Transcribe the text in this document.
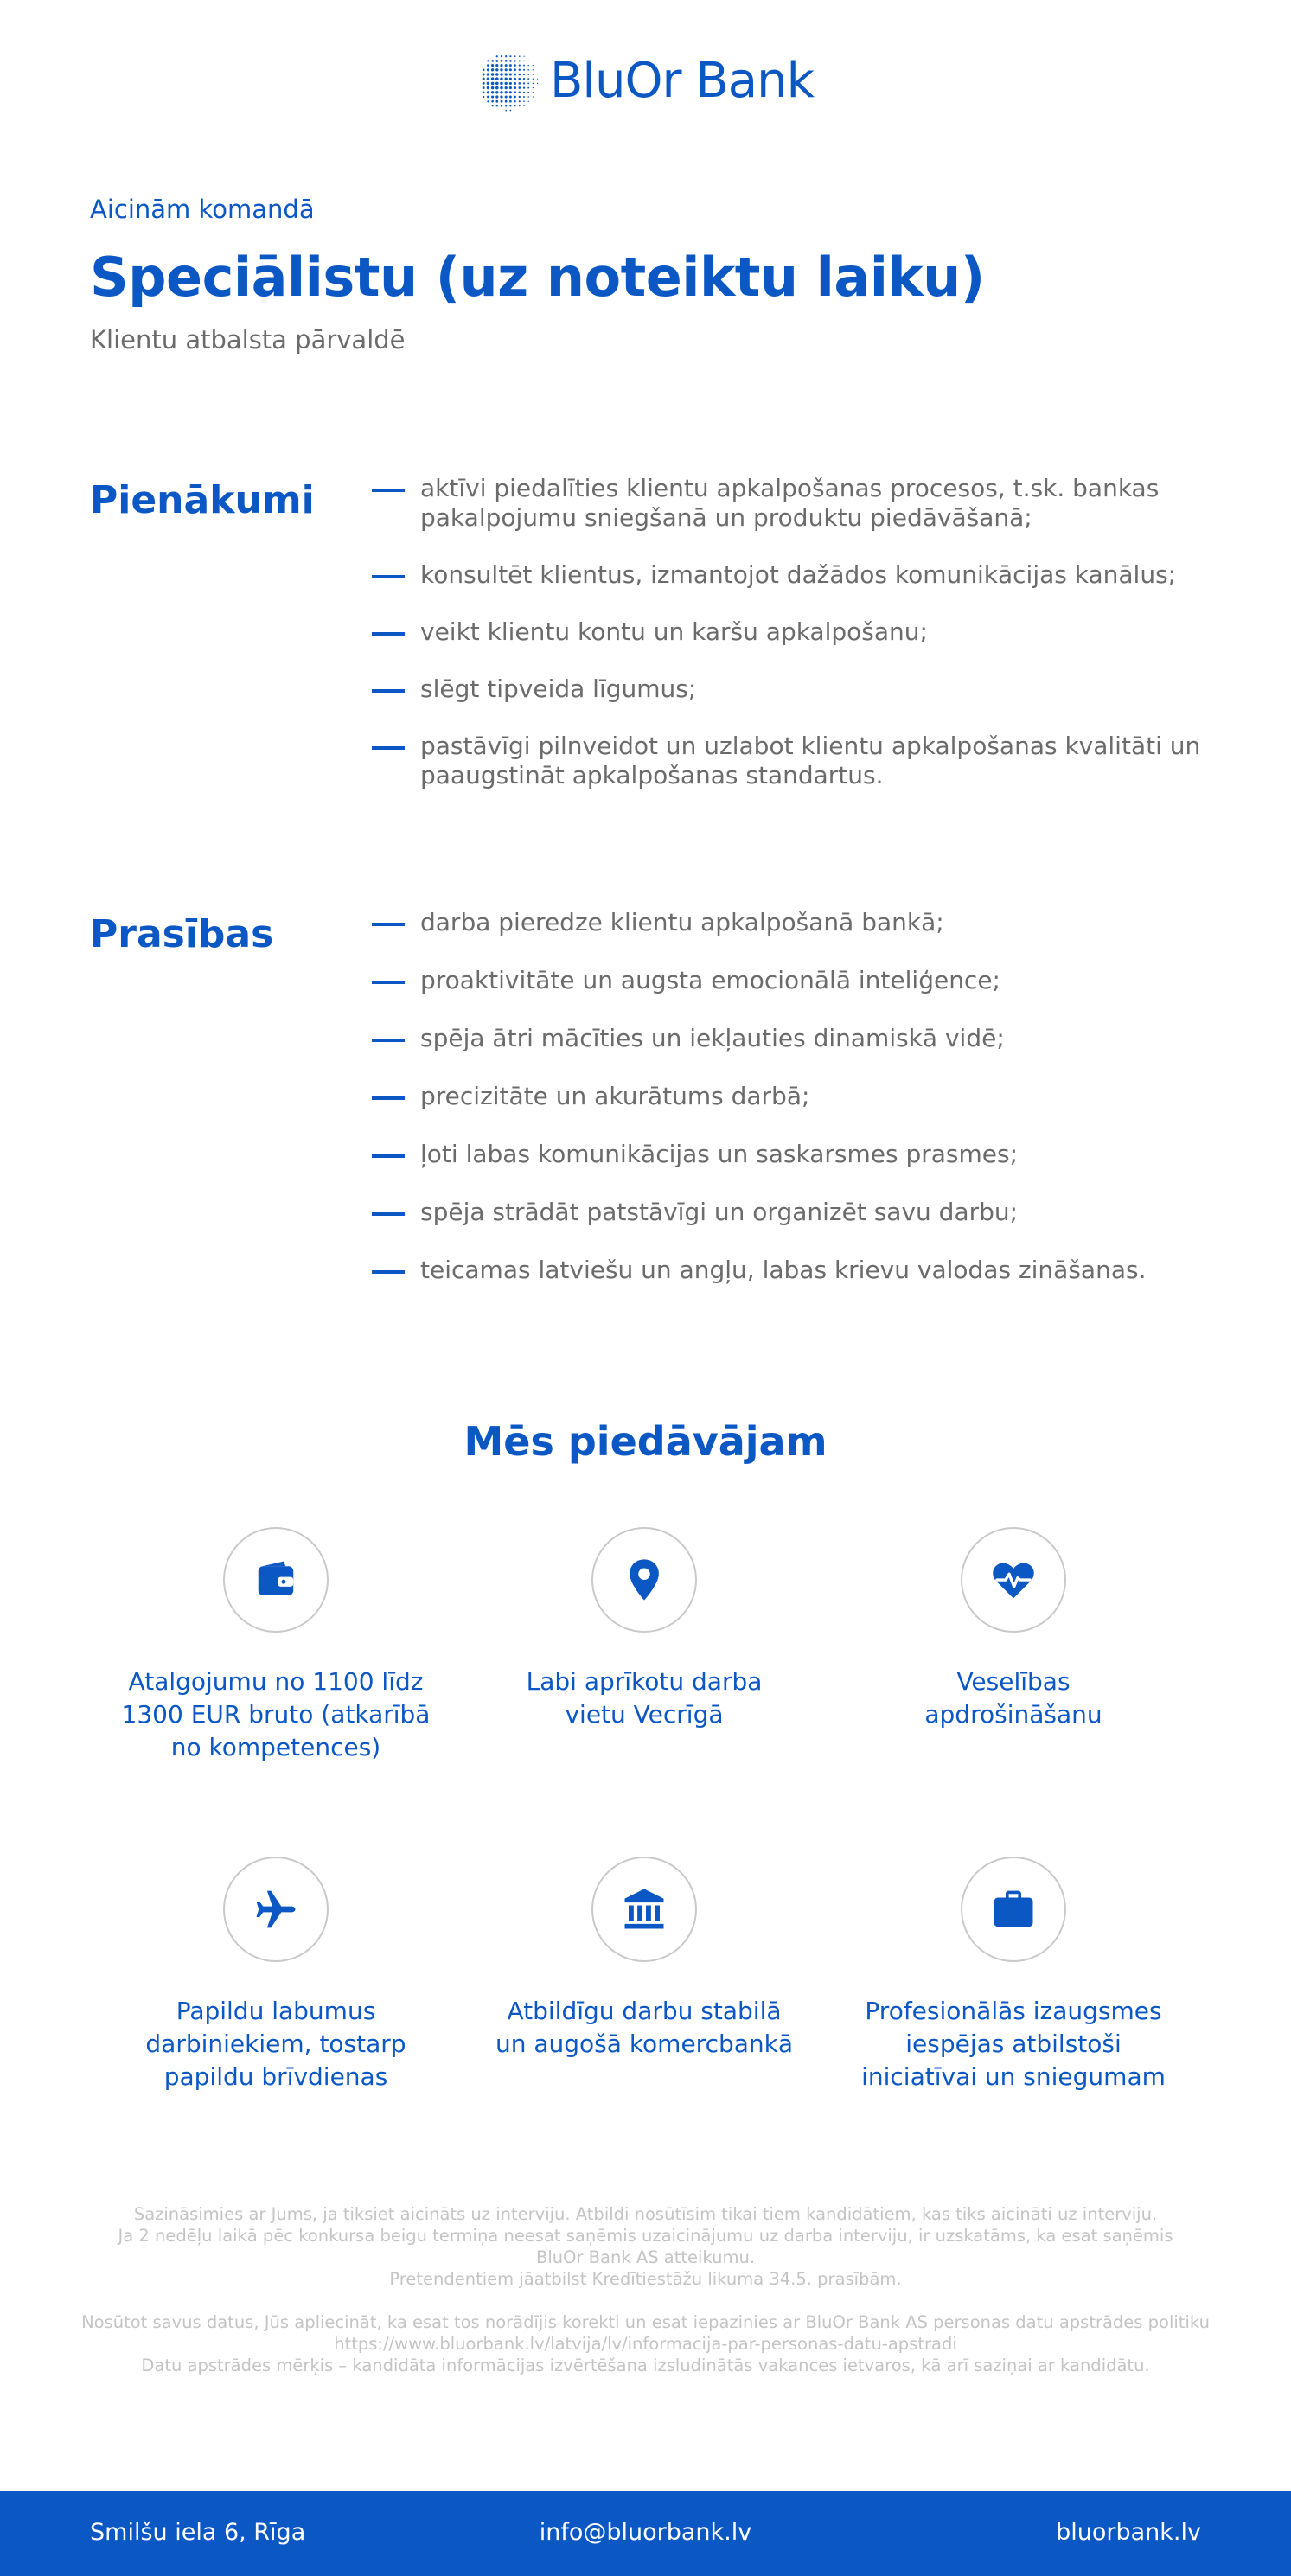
BluOr Bank
Aicinām komandā
Speciālistu (uz noteiktu laiku)
Klientu atbalsta pārvaldē
Pienākumi	aktīvi piedalīties klientu apkalpošanas procesos, t.sk. bankas pakalpojumu sniegšanā un produktu piedāvāšanā;
konsultēt klientus, izmantojot dažādos komunikācijas kanālus;
veikt klientu kontu un karšu apkalpošanu;
slēgt tipveida līgumus;
pastāvīgi pilnveidot un uzlabot klientu apkalpošanas kvalitāti un paaugstināt apkalpošanas standartus.
Prasības	darba pieredze klientu apkalpošanā bankā;
proaktivitāte un augsta emocionālā inteliģence;
spēja ātri mācīties un iekļauties dinamiskā vidē;
precizitāte un akurātums darbā;
ļoti labas komunikācijas un saskarsmes prasmes;
spēja strādāt patstāvīgi un organizēt savu darbu;
teicamas latviešu un angļu, labas krievu valodas zināšanas.
Mēs piedāvājam
Atalgojumu no 1100 līdz
1300 EUR bruto (atkarībā
no kompetences)
Labi aprīkotu darba
vietu Vecrīgā
Veselības
apdrošināšanu
Papildu labumus
darbiniekiem, tostarp
papildu brīvdienas
Atbildīgu darbu stabilā
un augošā komercbankā
Profesionālās izaugsmes
iespējas atbilstoši
iniciatīvai un sniegumam
Sazināsimies ar Jums, ja tiksiet aicināts uz interviju. Atbildi nosūtīsim tikai tiem kandidātiem, kas tiks aicināti uz interviju.
Ja 2 nedēļu laikā pēc konkursa beigu termiņa neesat saņēmis uzaicinājumu uz darba interviju, ir uzskatāms, ka esat saņēmis
BluOr Bank AS atteikumu.
Pretendentiem jāatbilst Kredītiestāžu likuma 34.5. prasībām.
Nosūtot savus datus, Jūs apliecināt, ka esat tos norādījis korekti un esat iepazinies ar BluOr Bank AS personas datu apstrādes politiku
https://www.bluorbank.lv/latvija/lv/informacija-par-personas-datu-apstradi
Datu apstrādes mērķis – kandidāta informācijas izvērtēšana izsludinātās vakances ietvaros, kā arī saziņai ar kandidātu.
Smilšu iela 6, Rīga	info@bluorbank.lv	bluorbank.lv
